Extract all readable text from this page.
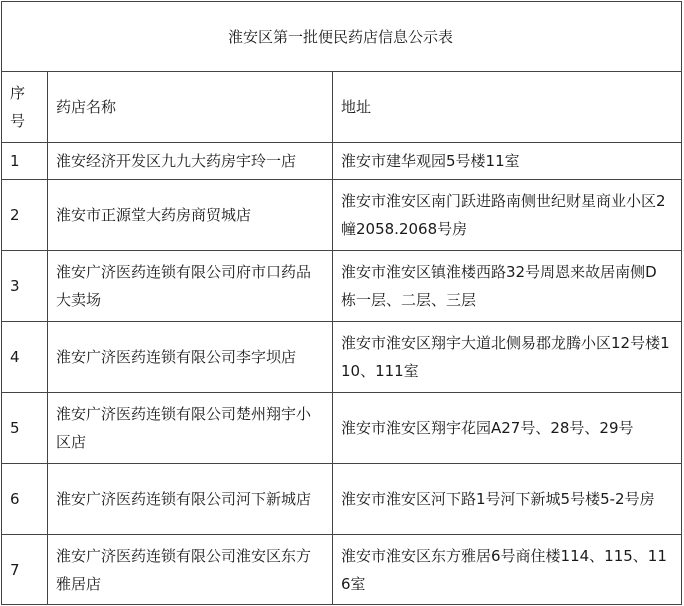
淮安区第一批便民药店信息公示表		
序号	药店名称	地址
1	淮安经济开发区九九大药房宇玲一店	淮安市建华观园5号楼11室
2	淮安市正源堂大药房商贸城店	淮安市淮安区南门跃进路南侧世纪财星商业小区2幢2058.2068号房
3	淮安广济医药连锁有限公司府市口药品大卖场	淮安市淮安区镇淮楼西路32号周恩来故居南侧D栋一层、二层、三层
4	淮安广济医药连锁有限公司李字坝店	淮安市淮安区翔宇大道北侧易郡龙腾小区12号楼110、111室
5	淮安广济医药连锁有限公司楚州翔宇小区店	淮安市淮安区翔宇花园A27号、28号、29号
6	淮安广济医药连锁有限公司河下新城店	淮安市淮安区河下路1号河下新城5号楼5-2号房
7	淮安广济医药连锁有限公司淮安区东方雅居店	淮安市淮安区东方雅居6号商住楼114、115、116室
